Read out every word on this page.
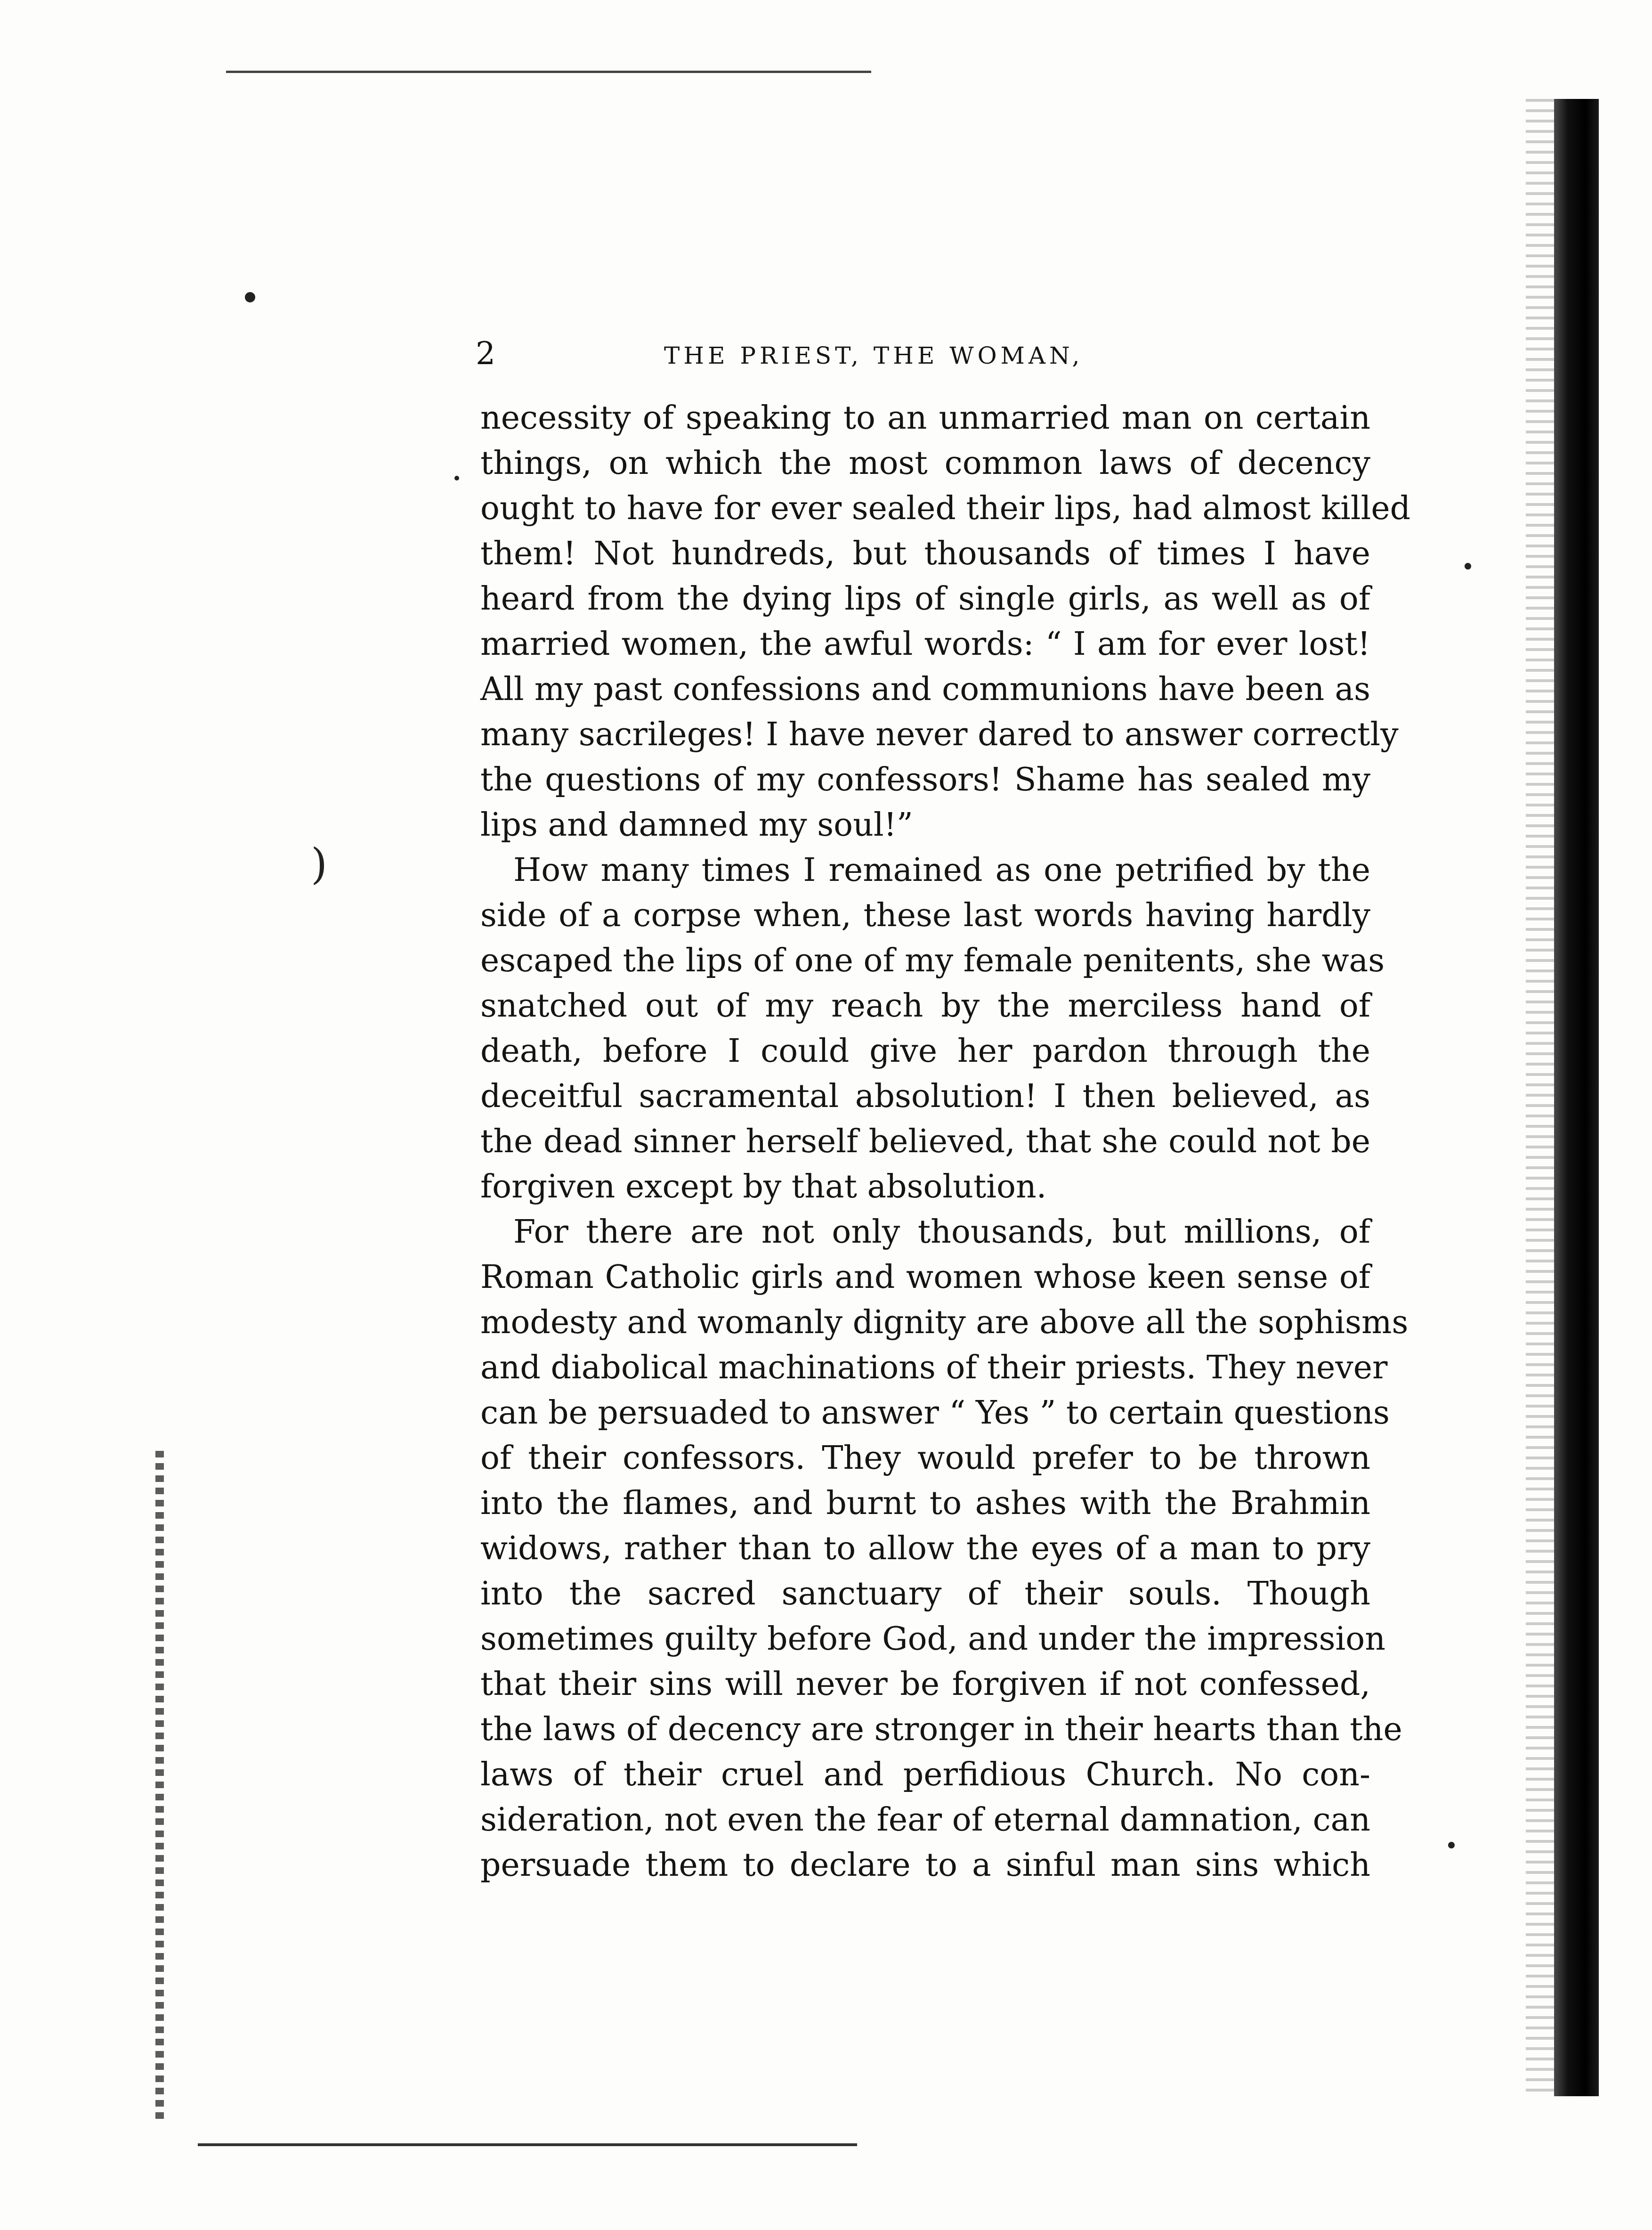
)
2	THE PRIEST, THE WOMAN,
necessity of speaking to an unmarried man on certain
things, on which the most common laws of decency
ought to have for ever sealed their lips, had almost killed
them! Not hundreds, but thousands of times I have
heard from the dying lips of single girls, as well as of
married women, the awful words: “ I am for ever lost!
All my past confessions and communions have been as
many sacrileges! I have never dared to answer correctly
the questions of my confessors! Shame has sealed my
lips and damned my soul!”
How many times I remained as one petrified by the
side of a corpse when, these last words having hardly
escaped the lips of one of my female penitents, she was
snatched out of my reach by the merciless hand of
death, before I could give her pardon through the
deceitful sacramental absolution! I then believed, as
the dead sinner herself believed, that she could not be
forgiven except by that absolution.
For there are not only thousands, but millions, of
Roman Catholic girls and women whose keen sense of
modesty and womanly dignity are above all the sophisms
and diabolical machinations of their priests. They never
can be persuaded to answer “ Yes ” to certain questions
of their confessors. They would prefer to be thrown
into the flames, and burnt to ashes with the Brahmin
widows, rather than to allow the eyes of a man to pry
into the sacred sanctuary of their souls. Though
sometimes guilty before God, and under the impression
that their sins will never be forgiven if not confessed,
the laws of decency are stronger in their hearts than the
laws of their cruel and perfidious Church. No con-
sideration, not even the fear of eternal damnation, can
persuade them to declare to a sinful man sins which
